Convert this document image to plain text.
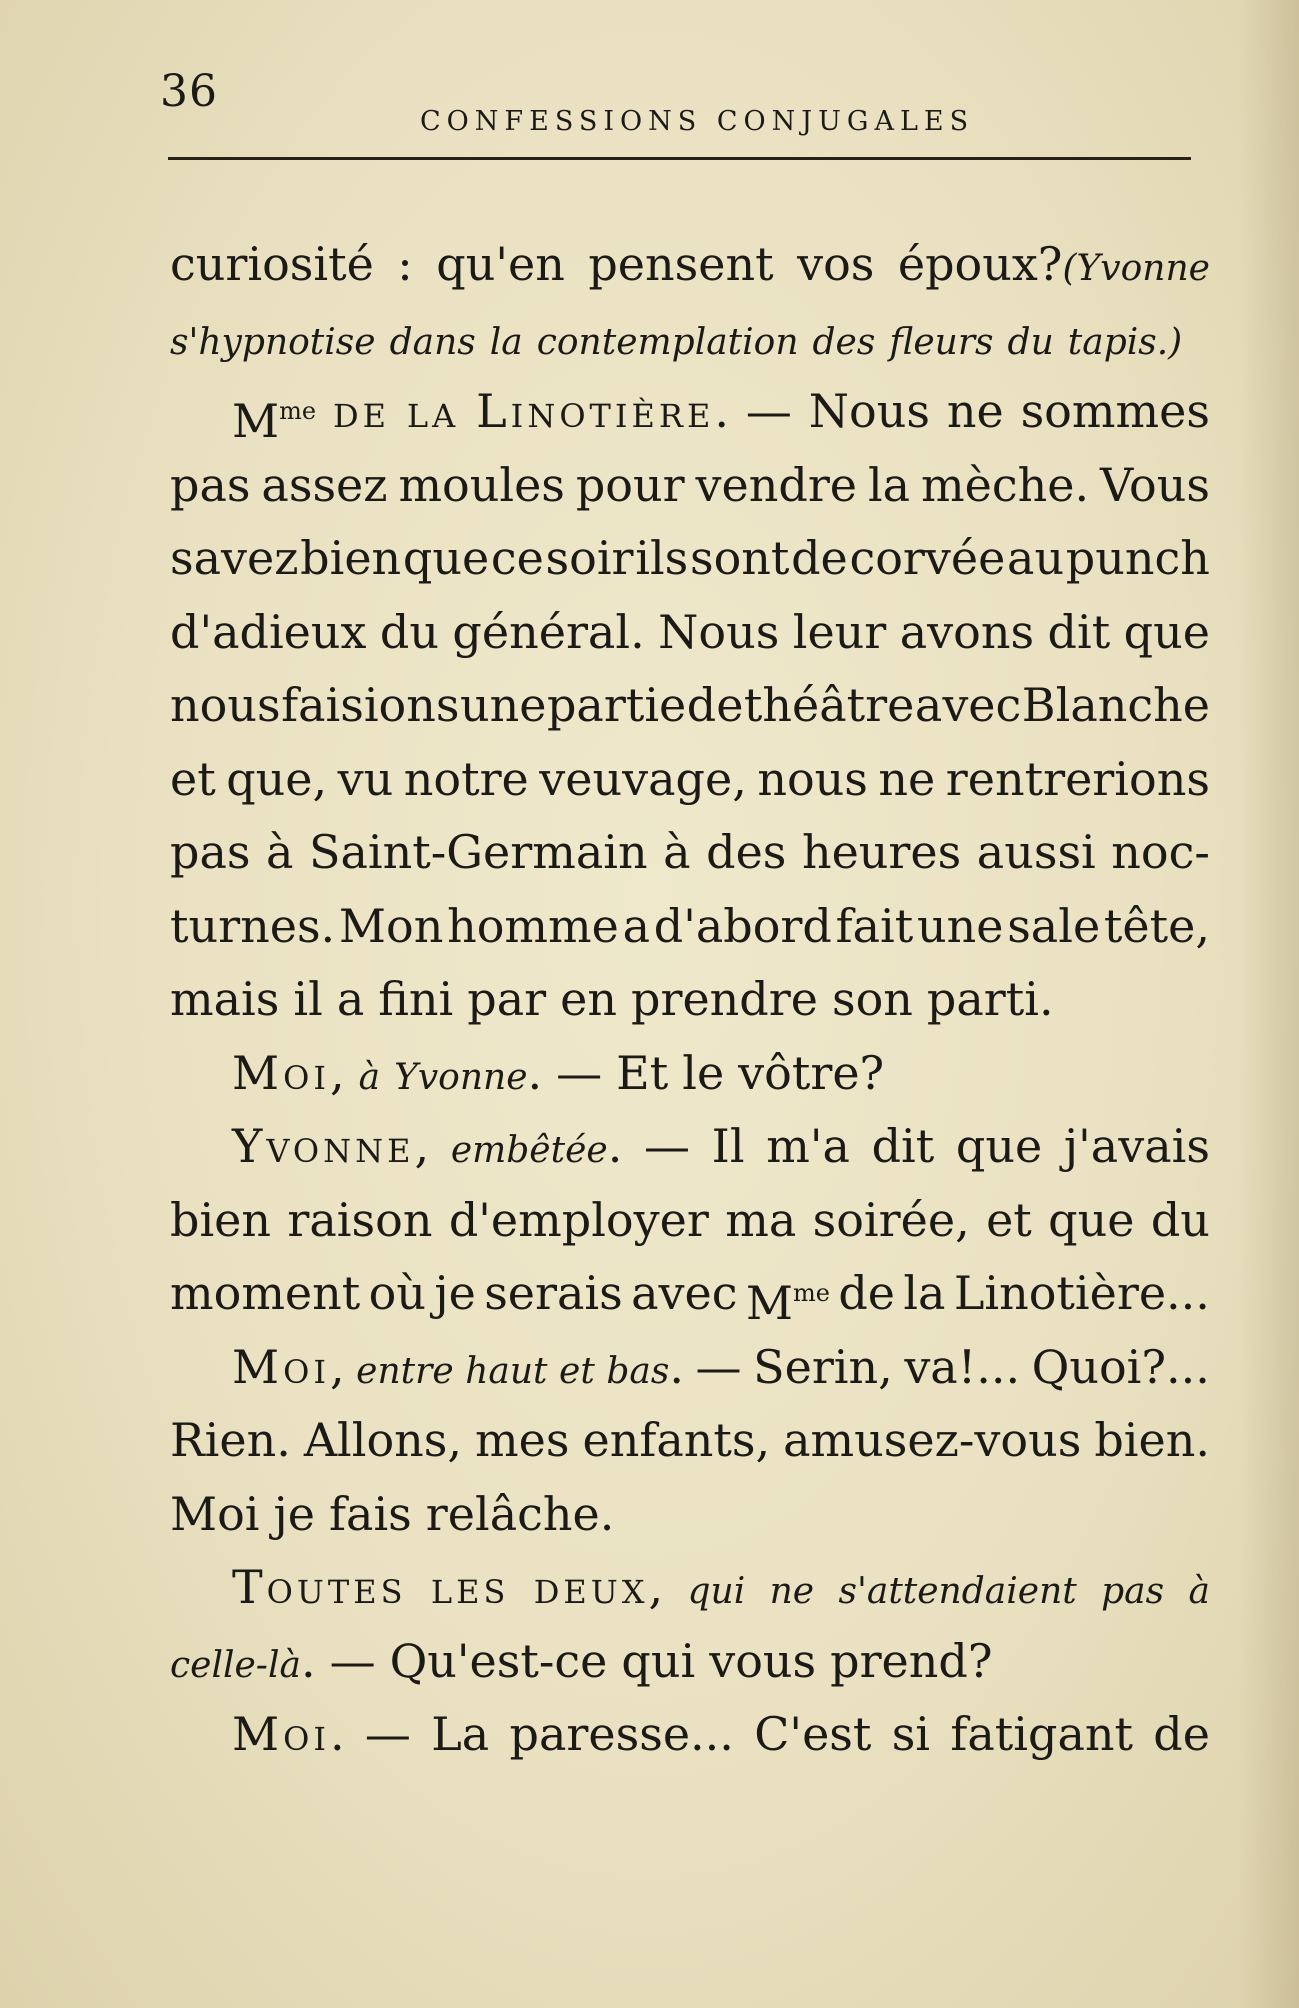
36
CONFESSIONS CONJUGALES
curiosité : qu'en pensent vos époux?(Yvonne
s'hypnotise dans la contemplation des fleurs du tapis.)
$M^{me}$ de la Linotière. — Nous ne sommes
pas assez moules pour vendre la mèche. Vous
savez bien que ce soir ils sont de corvée au punch
d'adieux du général. Nous leur avons dit que
nous faisions une partie de théâtre avec Blanche
et que, vu notre veuvage, nous ne rentrerions
pas à Saint-Germain à des heures aussi noc-
turnes. Mon homme a d'abord fait une sale tête,
mais il a fini par en prendre son parti.
Moi, à Yvonne. — Et le vôtre?
Yvonne, embêtée. — Il m'a dit que j'avais
bien raison d'employer ma soirée, et que du
moment où je serais avec $M^{me}$ de la Linotière...
Moi, entre haut et bas. — Serin, va!... Quoi?...
Rien. Allons, mes enfants, amusez-vous bien.
Moi je fais relâche.
Toutes les deux, qui ne s'attendaient pas à
celle-là. — Qu'est-ce qui vous prend?
Moi. — La paresse... C'est si fatigant de
